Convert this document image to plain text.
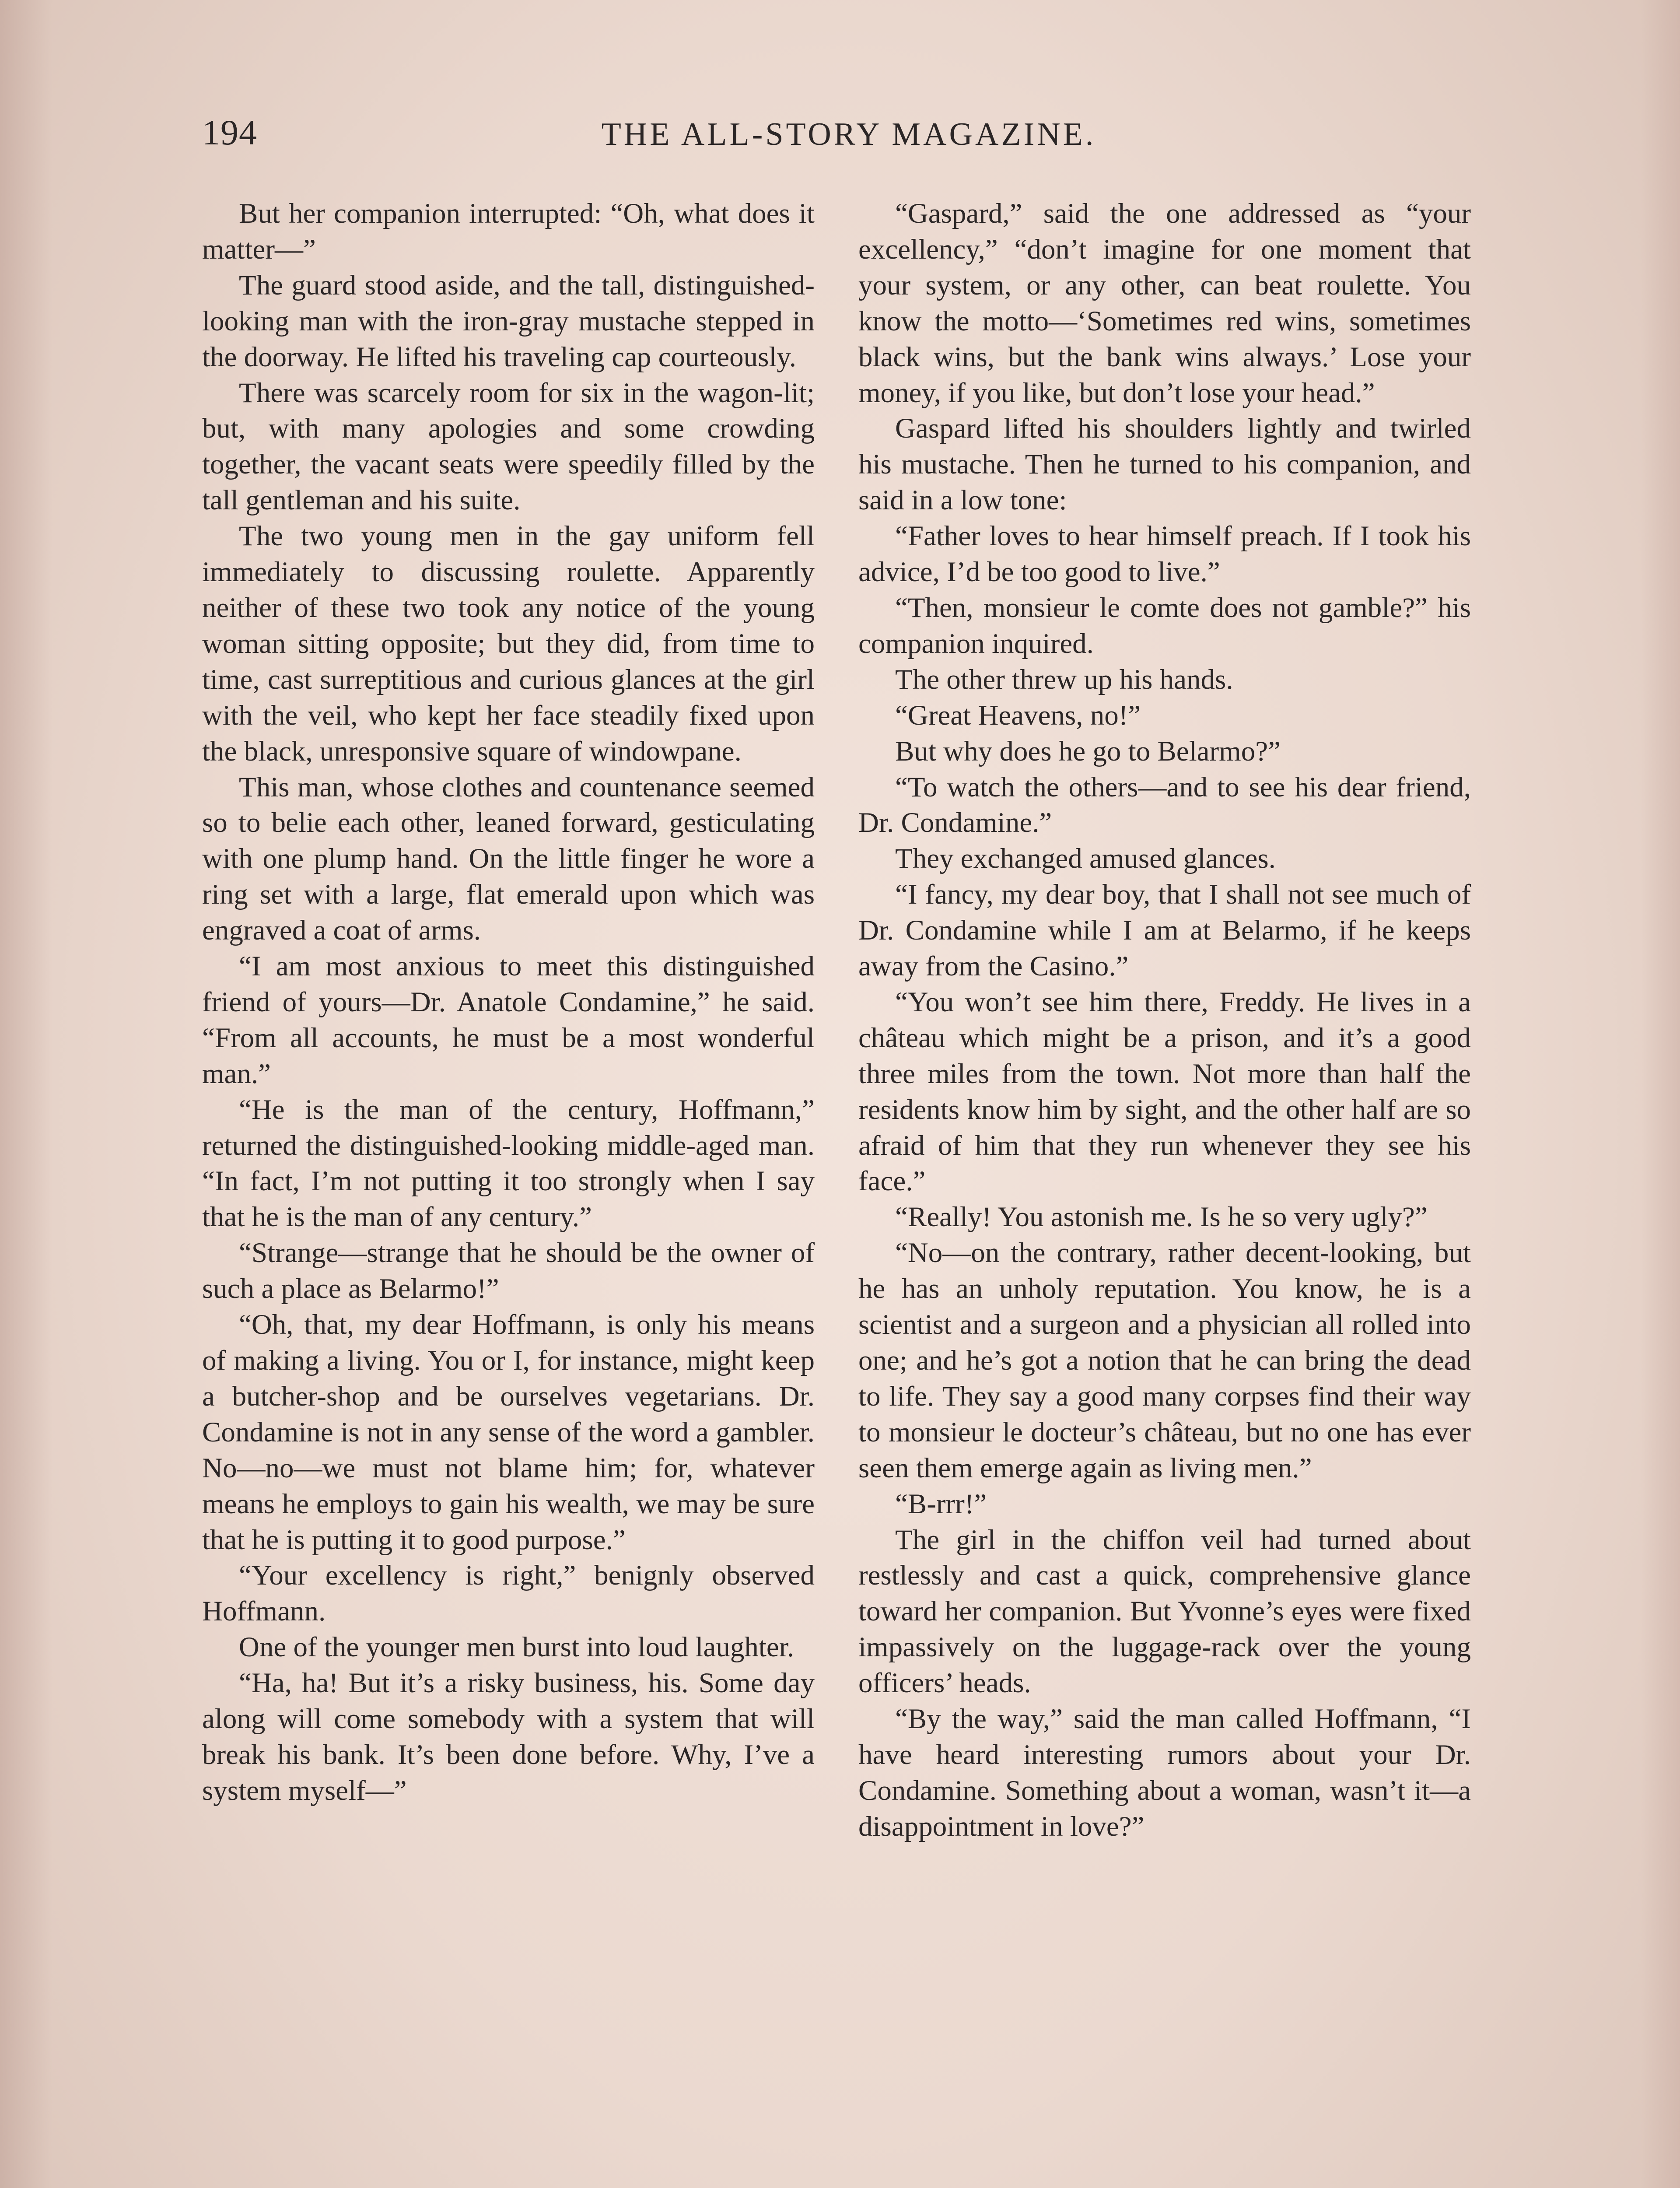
194	THE ALL-STORY MAGAZINE.

But her companion interrupted: “Oh, what does it matter—”

The guard stood aside, and the tall, distinguished-looking man with the iron-gray mustache stepped in the doorway. He lifted his traveling cap courteously.

There was scarcely room for six in the wagon-lit; but, with many apologies and some crowding together, the vacant seats were speedily filled by the tall gentleman and his suite.

The two young men in the gay uniform fell immediately to discussing roulette. Apparently neither of these two took any notice of the young woman sitting opposite; but they did, from time to time, cast surreptitious and curious glances at the girl with the veil, who kept her face steadily fixed upon the black, unresponsive square of windowpane.

This man, whose clothes and countenance seemed so to belie each other, leaned forward, gesticulating with one plump hand. On the little finger he wore a ring set with a large, flat emerald upon which was engraved a coat of arms.

“I am most anxious to meet this distinguished friend of yours—Dr. Anatole Condamine,” he said. “From all accounts, he must be a most wonderful man.”

“He is the man of the century, Hoffmann,” returned the distinguished-looking middle-aged man. “In fact, I’m not putting it too strongly when I say that he is the man of any century.”

“Strange—strange that he should be the owner of such a place as Belarmo!”

“Oh, that, my dear Hoffmann, is only his means of making a living. You or I, for instance, might keep a butcher-shop and be ourselves vegetarians. Dr. Condamine is not in any sense of the word a gambler. No—no—we must not blame him; for, whatever means he employs to gain his wealth, we may be sure that he is putting it to good purpose.”

“Your excellency is right,” benignly observed Hoffmann.

One of the younger men burst into loud laughter.

“Ha, ha! But it’s a risky business, his. Some day along will come somebody with a system that will break his bank. It’s been done before. Why, I’ve a system myself—”

“Gaspard,” said the one addressed as “your excellency,” “don’t imagine for one moment that your system, or any other, can beat roulette. You know the motto—‘Sometimes red wins, sometimes black wins, but the bank wins always.’ Lose your money, if you like, but don’t lose your head.”

Gaspard lifted his shoulders lightly and twirled his mustache. Then he turned to his companion, and said in a low tone:

“Father loves to hear himself preach. If I took his advice, I’d be too good to live.”

“Then, monsieur le comte does not gamble?” his companion inquired.

The other threw up his hands.

“Great Heavens, no!”

But why does he go to Belarmo?”

“To watch the others—and to see his dear friend, Dr. Condamine.”

They exchanged amused glances.

“I fancy, my dear boy, that I shall not see much of Dr. Condamine while I am at Belarmo, if he keeps away from the Casino.”

“You won’t see him there, Freddy. He lives in a château which might be a prison, and it’s a good three miles from the town. Not more than half the residents know him by sight, and the other half are so afraid of him that they run whenever they see his face.”

“Really! You astonish me. Is he so very ugly?”

“No—on the contrary, rather decent-looking, but he has an unholy reputation. You know, he is a scientist and a surgeon and a physician all rolled into one; and he’s got a notion that he can bring the dead to life. They say a good many corpses find their way to monsieur le docteur’s château, but no one has ever seen them emerge again as living men.”

“B-rrr!”

The girl in the chiffon veil had turned about restlessly and cast a quick, comprehensive glance toward her companion. But Yvonne’s eyes were fixed impassively on the luggage-rack over the young officers’ heads.

“By the way,” said the man called Hoffmann, “I have heard interesting rumors about your Dr. Condamine. Something about a woman, wasn’t it—a disappointment in love?”
